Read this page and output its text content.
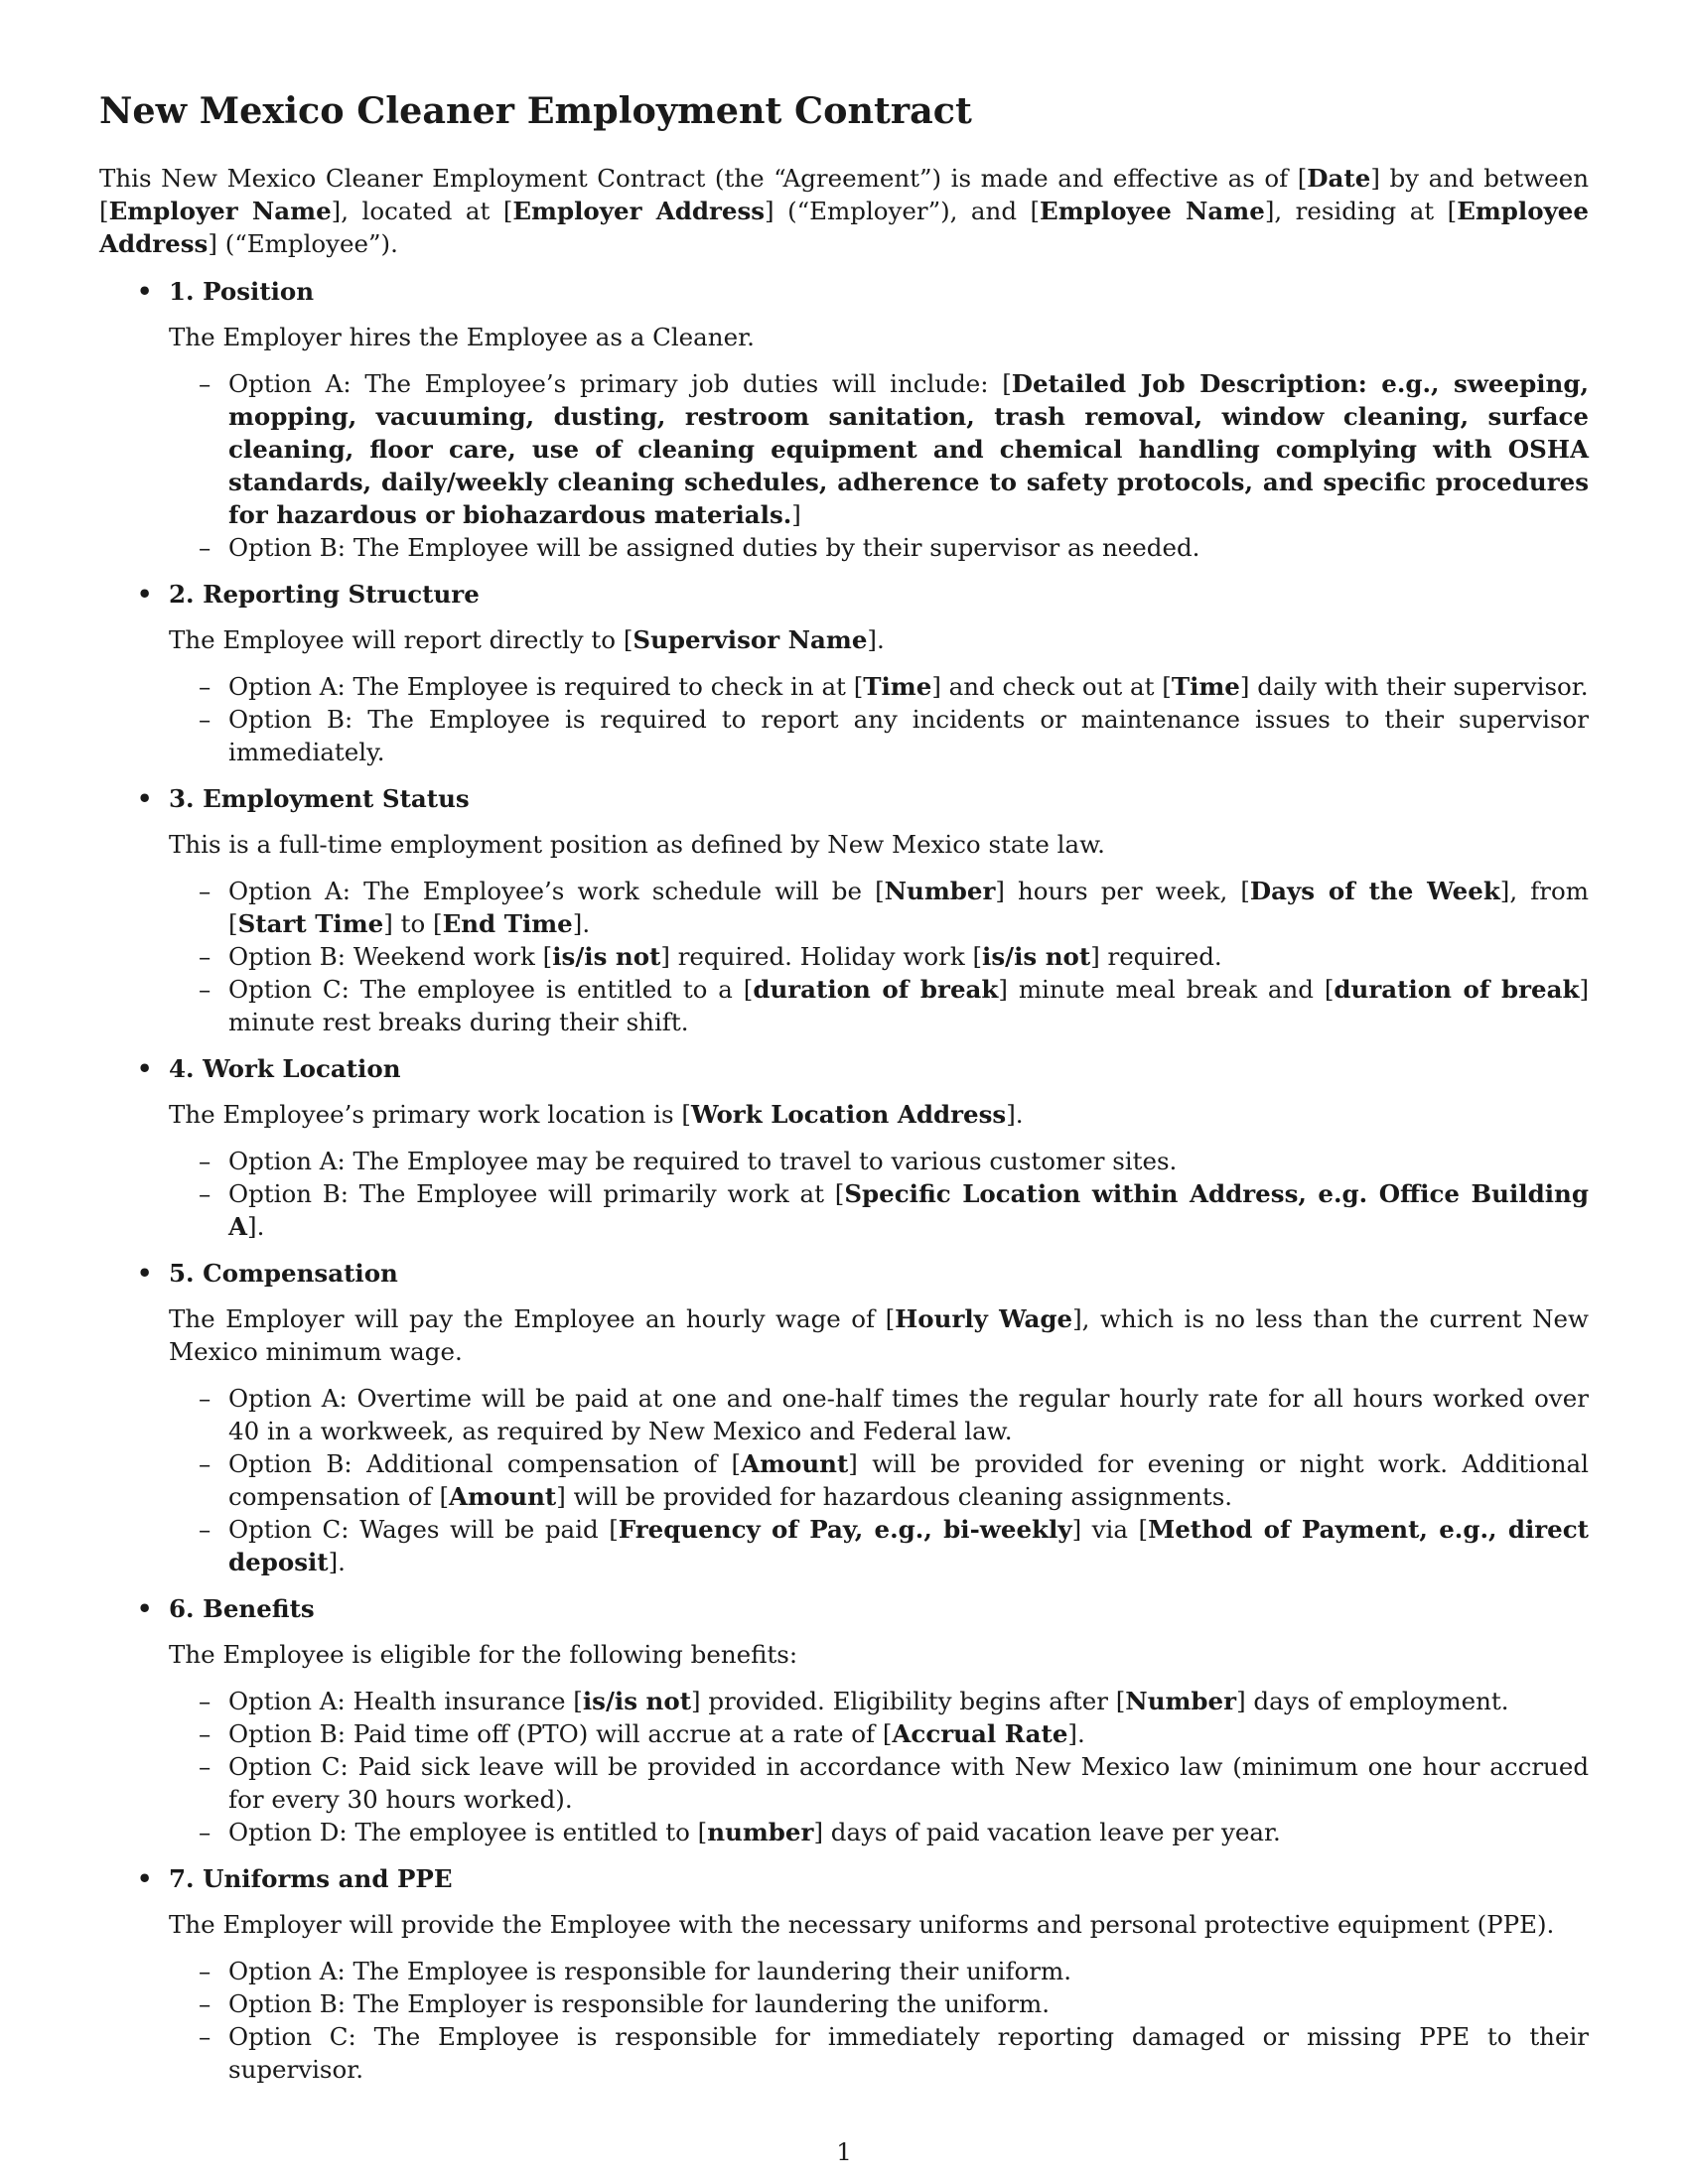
New Mexico Cleaner Employment Contract

This New Mexico Cleaner Employment Contract (the “Agreement”) is made and effective as of [Date] by and between [Employer Name], located at [Employer Address] (“Employer”), and [Employee Name], residing at [Employee Address] (“Employee”).

• 1. Position

The Employer hires the Employee as a Cleaner.

– Option A: The Employee’s primary job duties will include: [Detailed Job Description: e.g., sweeping, mopping, vacuuming, dusting, restroom sanitation, trash removal, window cleaning, surface cleaning, floor care, use of cleaning equipment and chemical handling complying with OSHA standards, daily/weekly cleaning schedules, adherence to safety protocols, and specific procedures for hazardous or biohazardous materials.]
– Option B: The Employee will be assigned duties by their supervisor as needed.
• 2. Reporting Structure

The Employee will report directly to [Supervisor Name].

– Option A: The Employee is required to check in at [Time] and check out at [Time] daily with their supervisor.
– Option B: The Employee is required to report any incidents or maintenance issues to their supervisor immediately.
• 3. Employment Status

This is a full-time employment position as defined by New Mexico state law.

– Option A: The Employee’s work schedule will be [Number] hours per week, [Days of the Week], from [Start Time] to [End Time].
– Option B: Weekend work [is/is not] required. Holiday work [is/is not] required.
– Option C: The employee is entitled to a [duration of break] minute meal break and [duration of break] minute rest breaks during their shift.
• 4. Work Location

The Employee’s primary work location is [Work Location Address].

– Option A: The Employee may be required to travel to various customer sites.
– Option B: The Employee will primarily work at [Specific Location within Address, e.g. Office Building A].
• 5. Compensation

The Employer will pay the Employee an hourly wage of [Hourly Wage], which is no less than the current New Mexico minimum wage.

– Option A: Overtime will be paid at one and one-half times the regular hourly rate for all hours worked over 40 in a workweek, as required by New Mexico and Federal law.
– Option B: Additional compensation of [Amount] will be provided for evening or night work. Additional compensation of [Amount] will be provided for hazardous cleaning assignments.
– Option C: Wages will be paid [Frequency of Pay, e.g., bi-weekly] via [Method of Payment, e.g., direct deposit].
• 6. Benefits

The Employee is eligible for the following benefits:

– Option A: Health insurance [is/is not] provided. Eligibility begins after [Number] days of employment.
– Option B: Paid time off (PTO) will accrue at a rate of [Accrual Rate].
– Option C: Paid sick leave will be provided in accordance with New Mexico law (minimum one hour accrued for every 30 hours worked).
– Option D: The employee is entitled to [number] days of paid vacation leave per year.
• 7. Uniforms and PPE

The Employer will provide the Employee with the necessary uniforms and personal protective equipment (PPE).

– Option A: The Employee is responsible for laundering their uniform.
– Option B: The Employer is responsible for laundering the uniform.
– Option C: The Employee is responsible for immediately reporting damaged or missing PPE to their supervisor.
1
